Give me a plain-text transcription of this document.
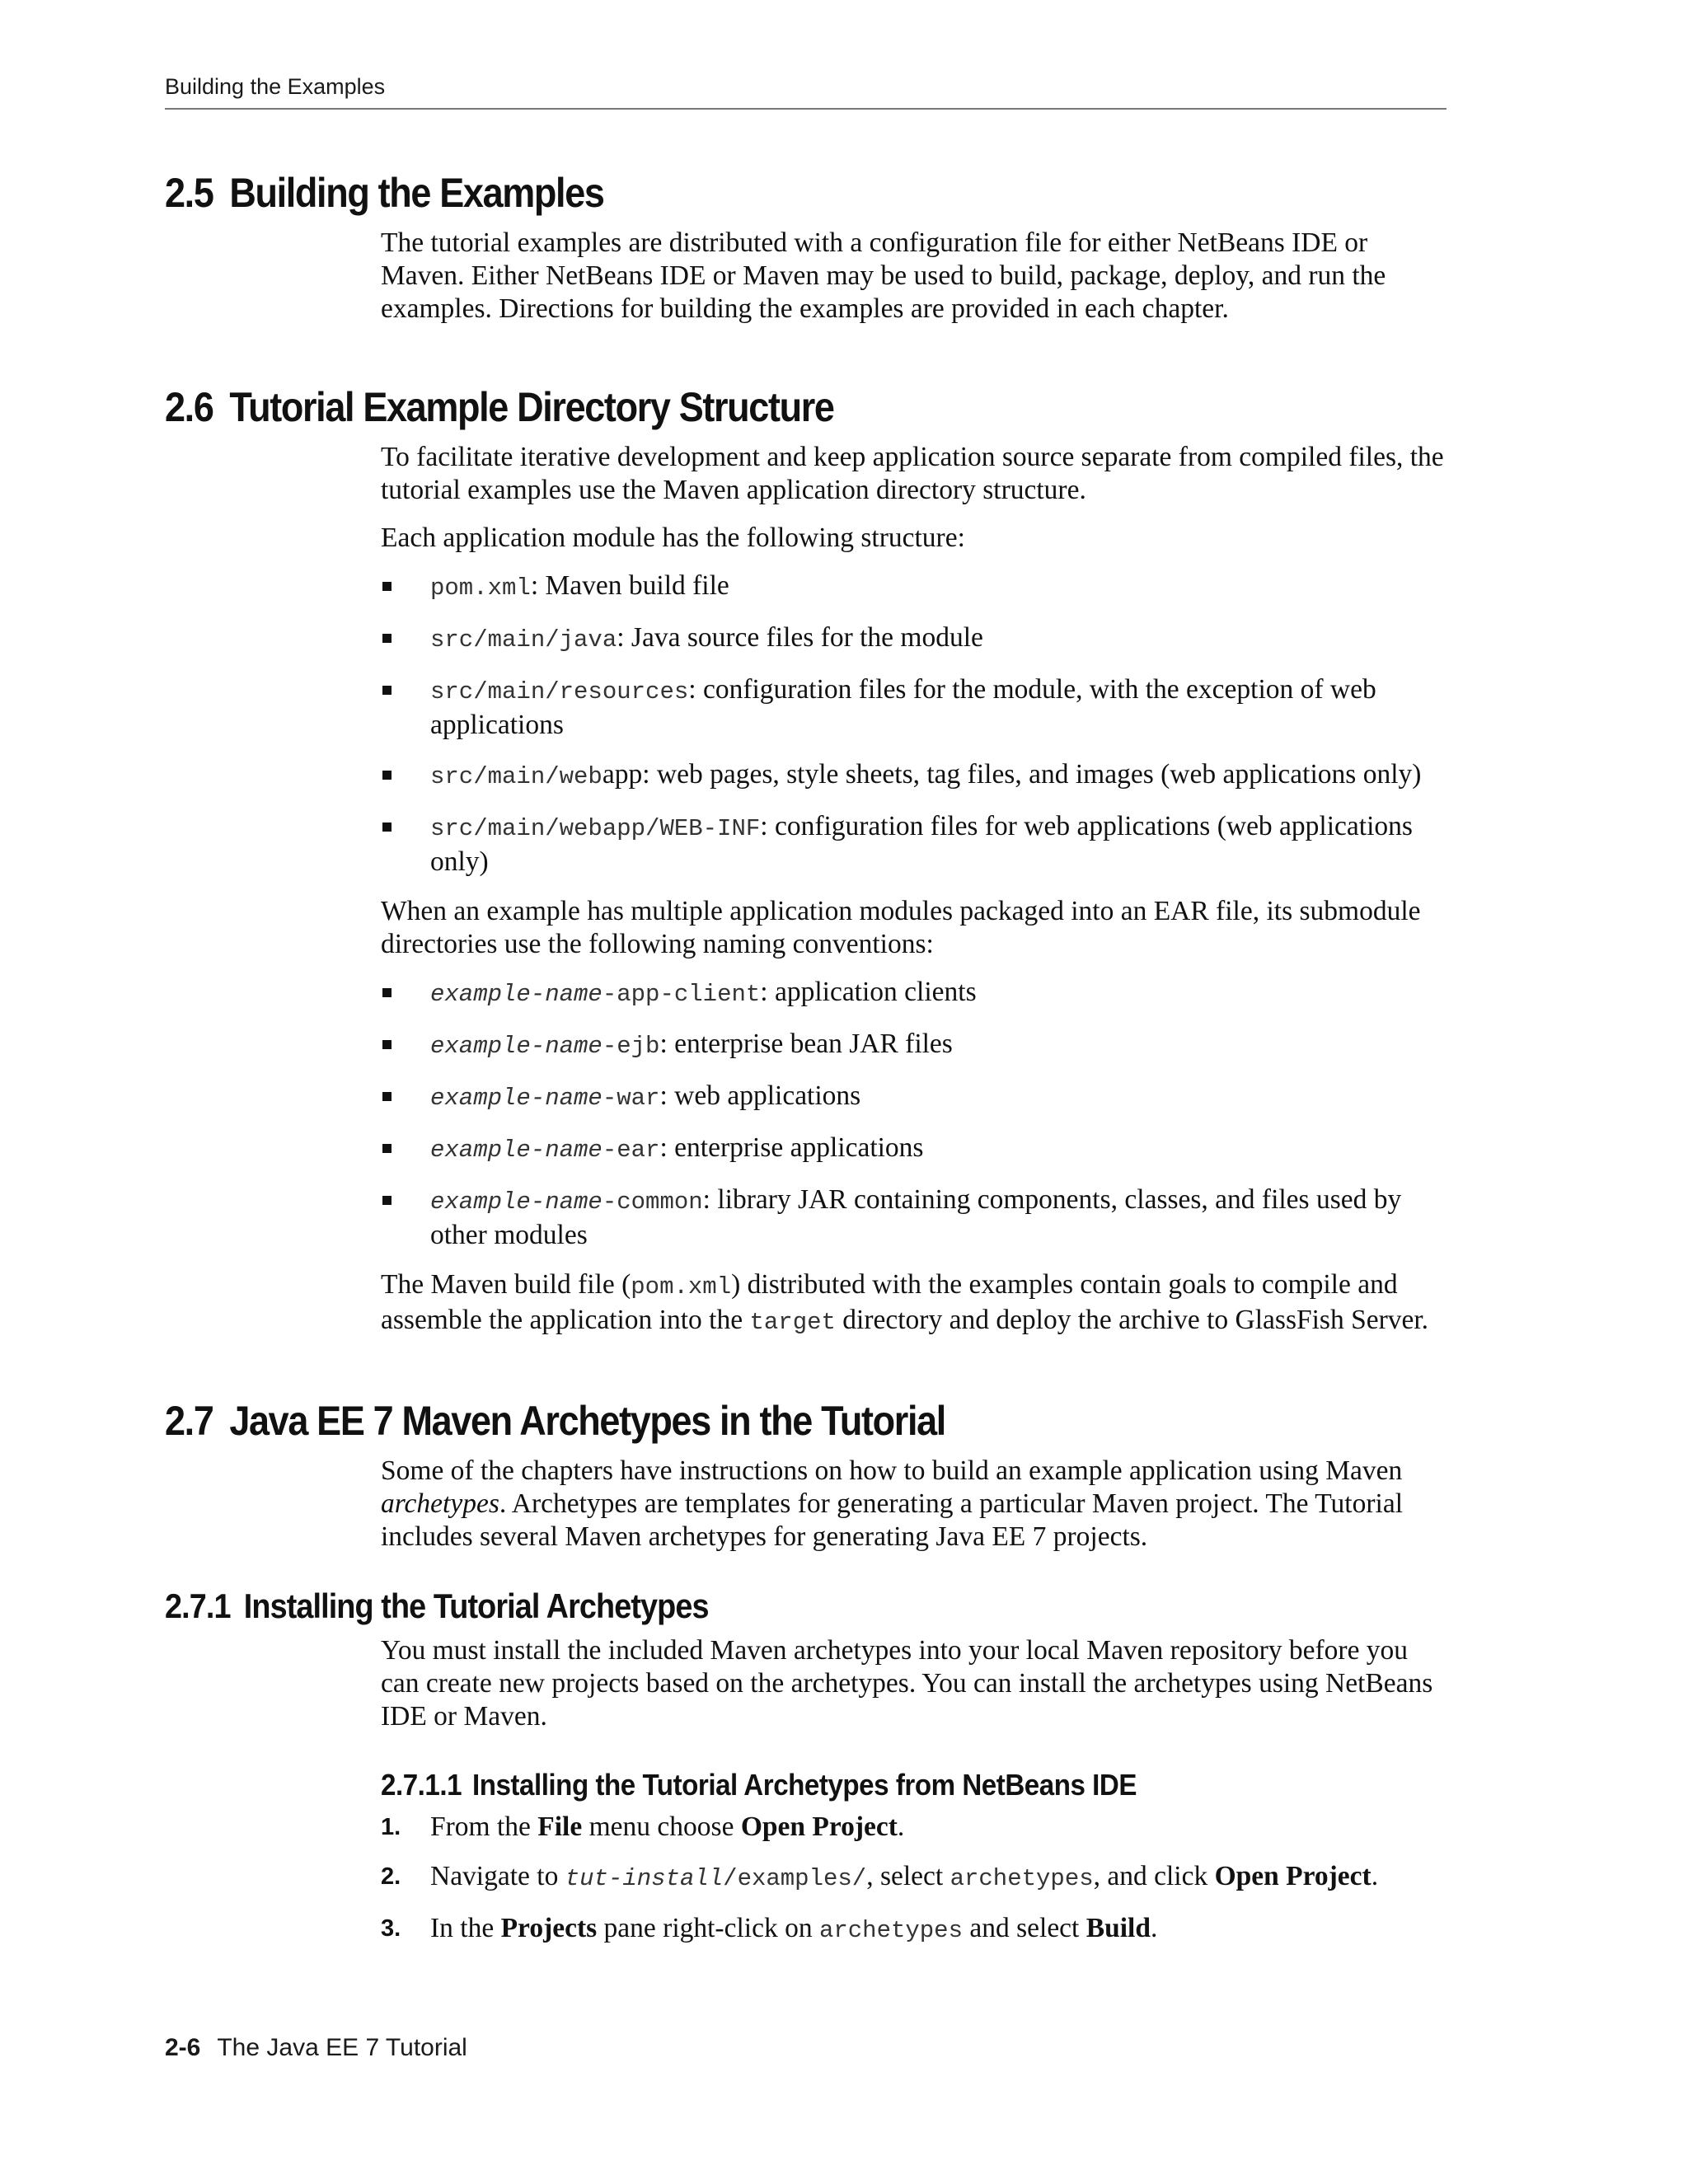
Building the Examples
2.5 Building the Examples

The tutorial examples are distributed with a configuration file for either NetBeans IDE or Maven. Either NetBeans IDE or Maven may be used to build, package, deploy, and run the examples. Directions for building the examples are provided in each chapter.

2.6 Tutorial Example Directory Structure

To facilitate iterative development and keep application source separate from compiled files, the tutorial examples use the Maven application directory structure.

Each application module has the following structure:

pom.xml: Maven build file
src/main/java: Java source files for the module
src/main/resources: configuration files for the module, with the exception of web applications
src/main/webapp: web pages, style sheets, tag files, and images (web applications only)
src/main/webapp/WEB-INF: configuration files for web applications (web applications only)

When an example has multiple application modules packaged into an EAR file, its submodule directories use the following naming conventions:

example-name-app-client: application clients
example-name-ejb: enterprise bean JAR files
example-name-war: web applications
example-name-ear: enterprise applications
example-name-common: library JAR containing components, classes, and files used by other modules

The Maven build file (pom.xml) distributed with the examples contain goals to compile and assemble the application into the target directory and deploy the archive to GlassFish Server.

2.7 Java EE 7 Maven Archetypes in the Tutorial

Some of the chapters have instructions on how to build an example application using Maven archetypes. Archetypes are templates for generating a particular Maven project. The Tutorial includes several Maven archetypes for generating Java EE 7 projects.

2.7.1 Installing the Tutorial Archetypes

You must install the included Maven archetypes into your local Maven repository before you can create new projects based on the archetypes. You can install the archetypes using NetBeans IDE or Maven.

2.7.1.1 Installing the Tutorial Archetypes from NetBeans IDE
1. From the File menu choose Open Project.
2. Navigate to tut-install/examples/, select archetypes, and click Open Project.
3. In the Projects pane right-click on archetypes and select Build.
2-6 The Java EE 7 Tutorial
